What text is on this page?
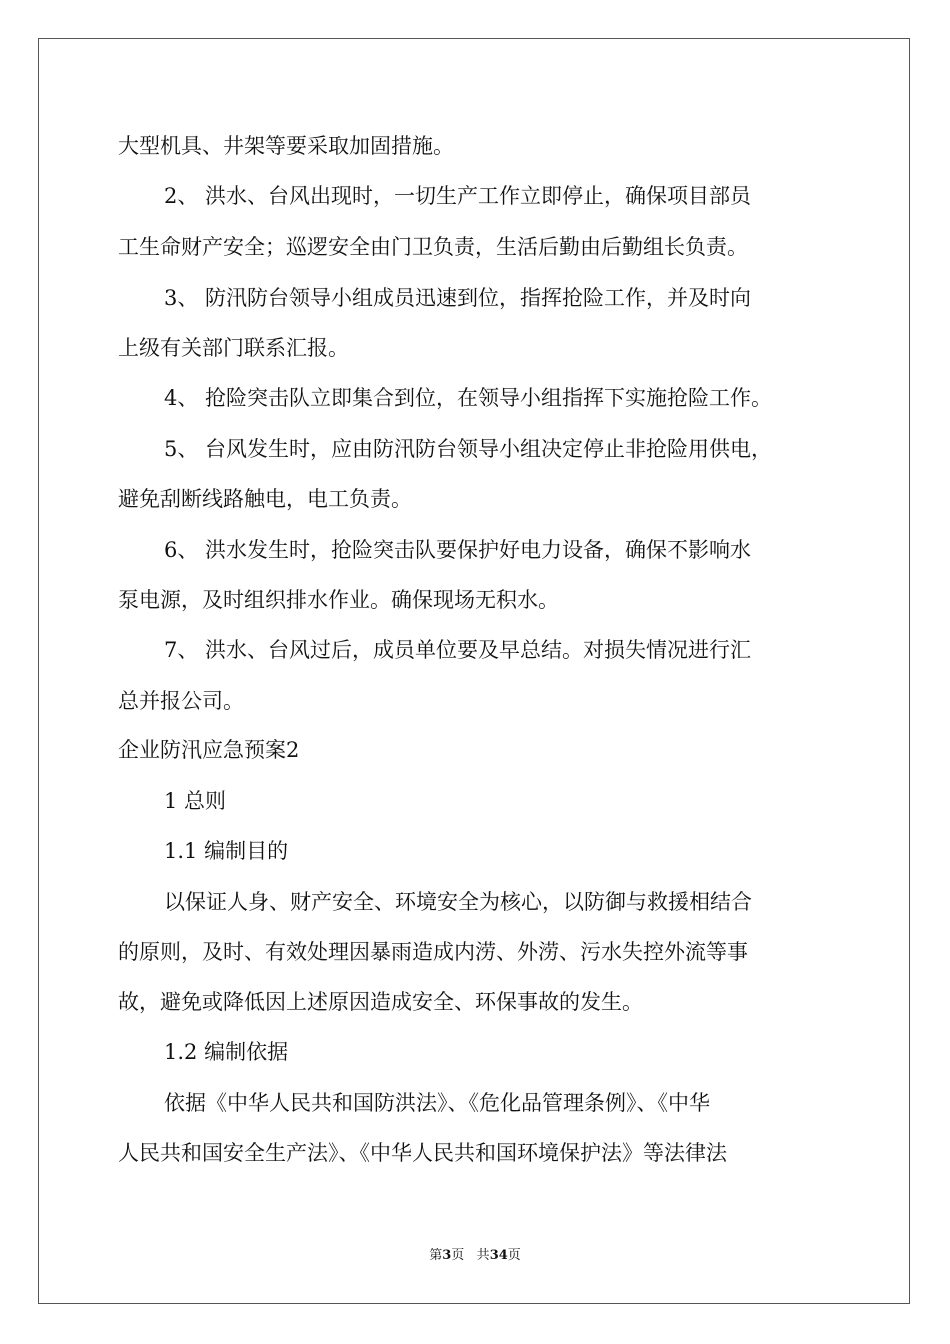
大型机具、井架等要采取加固措施。
2、 洪水、台风出现时，一切生产工作立即停止，确保项目部员
工生命财产安全；巡逻安全由门卫负责，生活后勤由后勤组长负责。
3、 防汛防台领导小组成员迅速到位，指挥抢险工作，并及时向
上级有关部门联系汇报。
4、 抢险突击队立即集合到位，在领导小组指挥下实施抢险工作。
5、 台风发生时，应由防汛防台领导小组决定停止非抢险用供电，
避免刮断线路触电，电工负责。
6、 洪水发生时，抢险突击队要保护好电力设备，确保不影响水
泵电源，及时组织排水作业。确保现场无积水。
7、 洪水、台风过后，成员单位要及早总结。对损失情况进行汇
总并报公司。
企业防汛应急预案2
1 总则
1.1 编制目的
以保证人身、财产安全、环境安全为核心，以防御与救援相结合
的原则，及时、有效处理因暴雨造成内涝、外涝、污水失控外流等事
故，避免或降低因上述原因造成安全、环保事故的发生。
1.2 编制依据
依据《中华人民共和国防洪法》、《危化品管理条例》、《中华
人民共和国安全生产法》、《中华人民共和国环境保护法》等法律法
第3页 共34页
